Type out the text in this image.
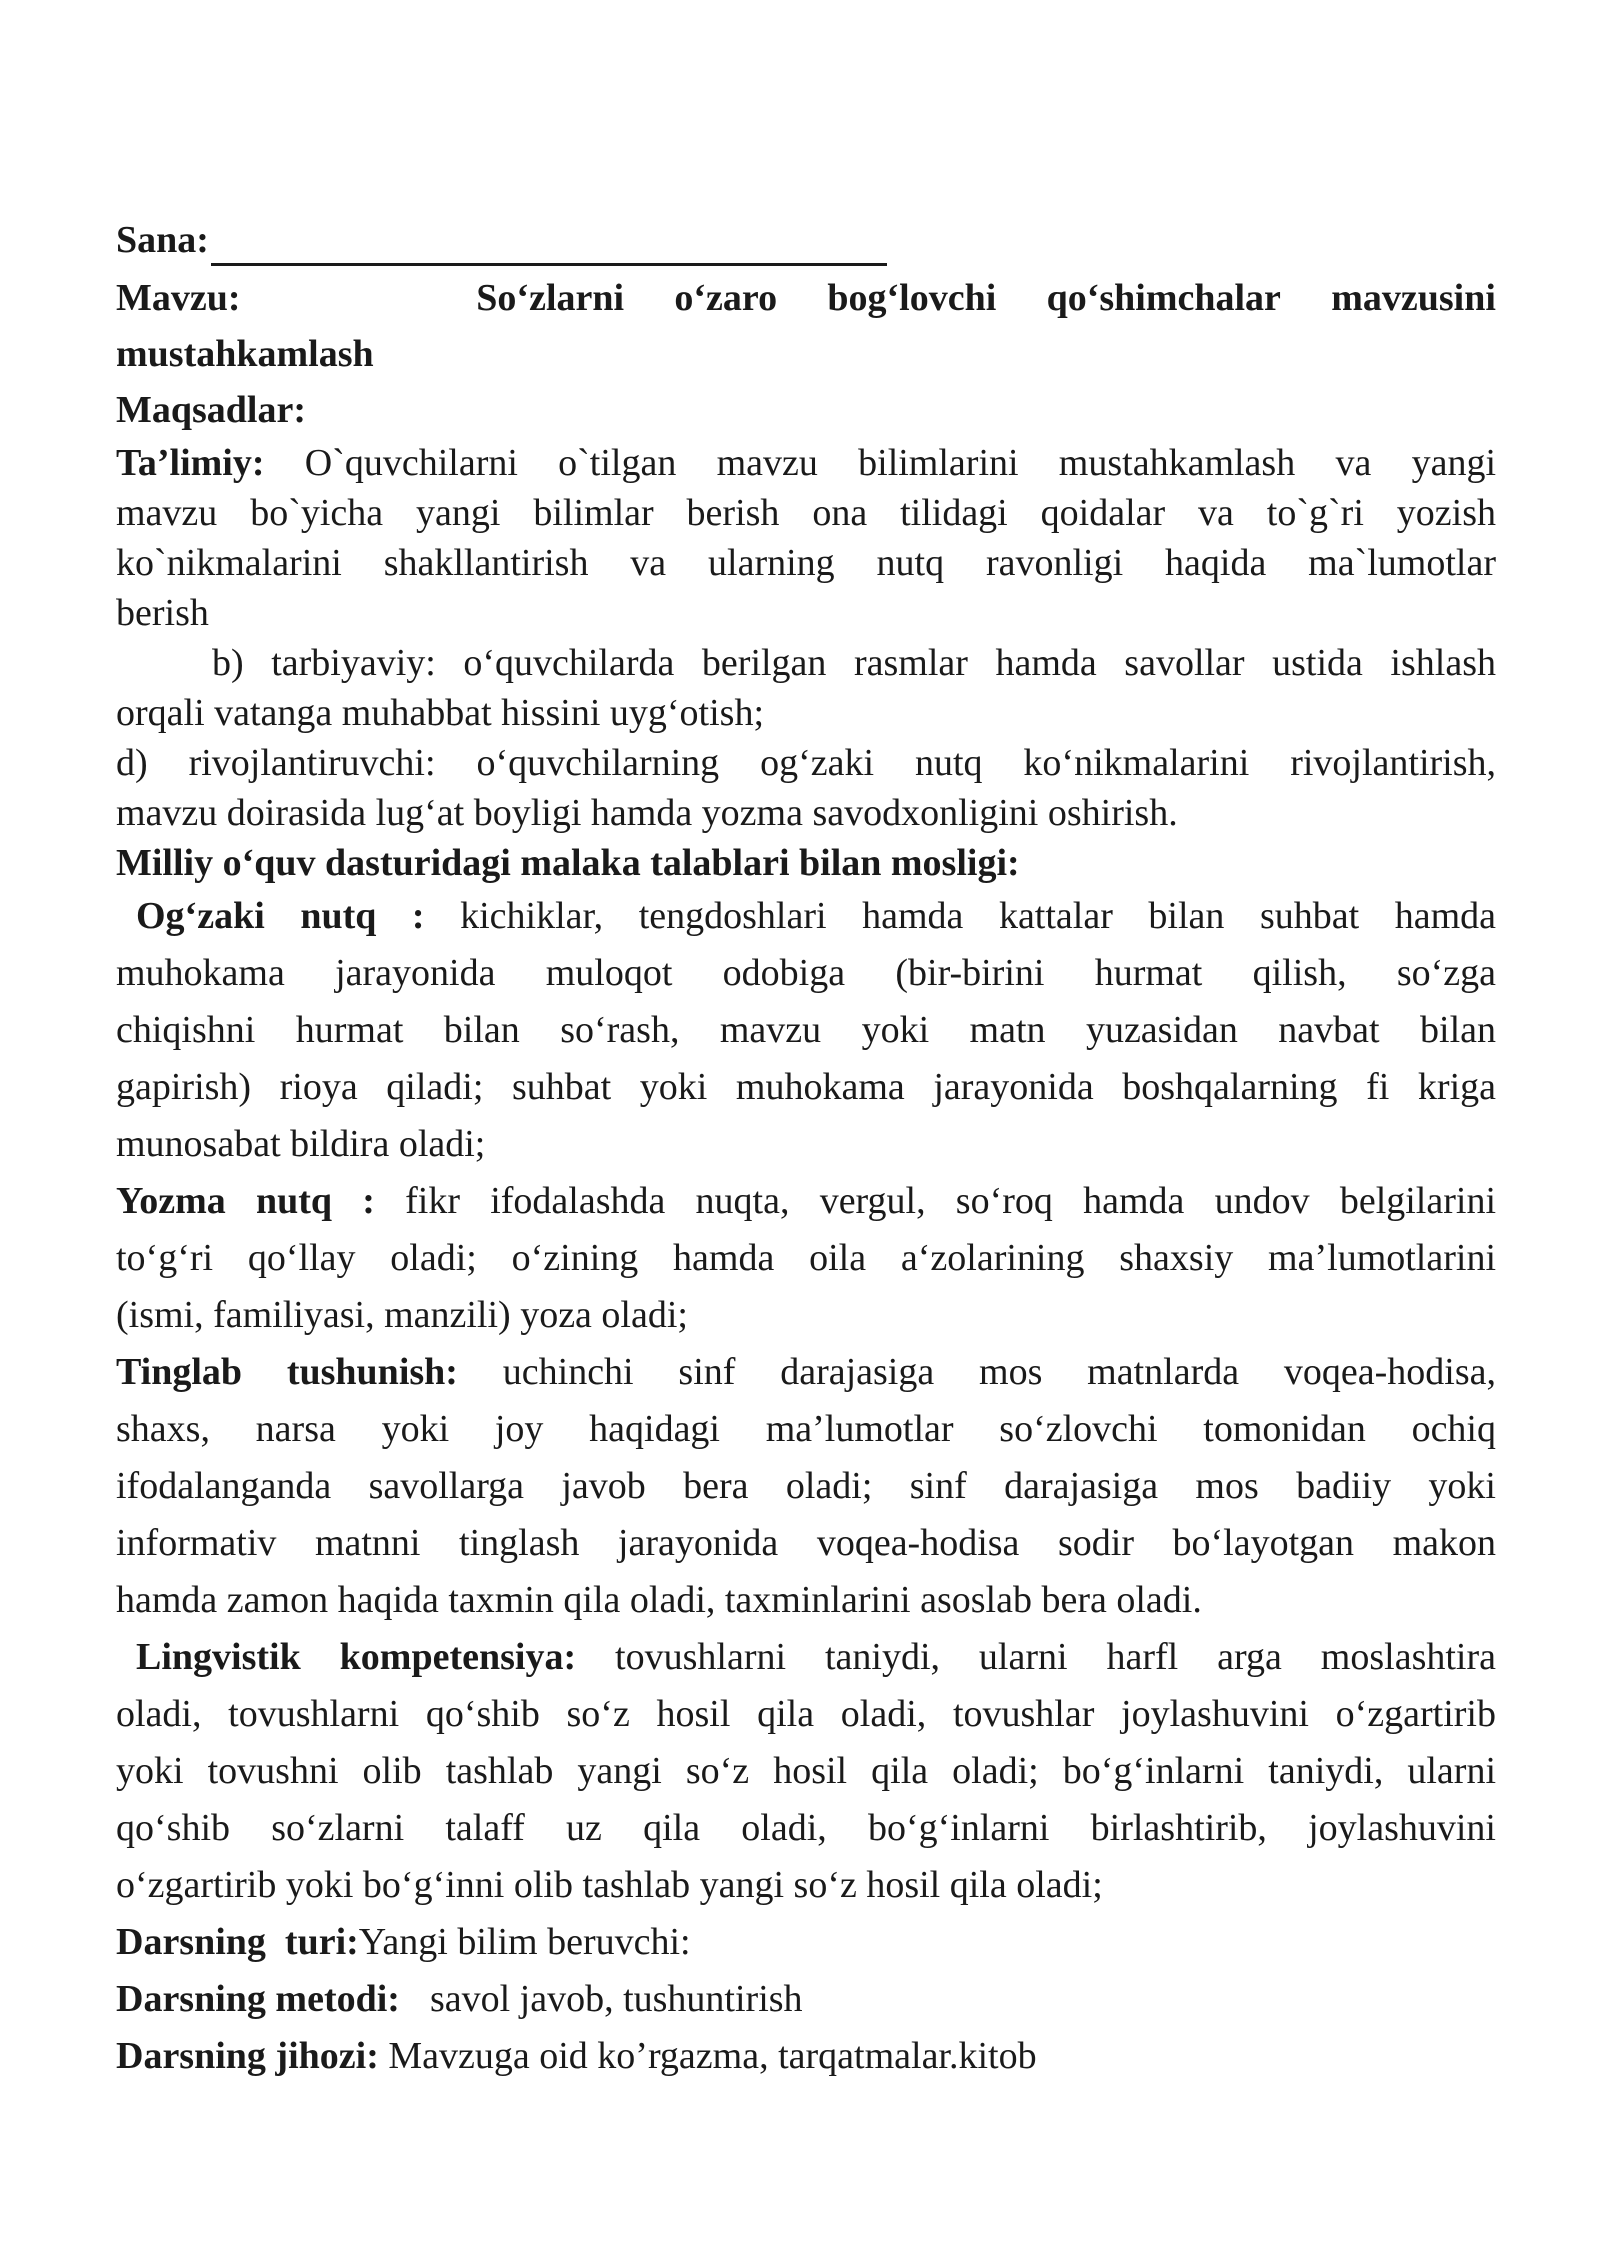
Sana:
Mavzu:	So‘zlarni o‘zaro bog‘lovchi qo‘shimchalar mavzusini
mustahkamlash
Maqsadlar:
Ta’limiy: O`quvchilarni o`tilgan mavzu bilimlarini mustahkamlash va yangi
mavzu bo`yicha yangi bilimlar berish ona tilidagi qoidalar va to`g`ri yozish
ko`nikmalarini shakllantirish va ularning nutq ravonligi haqida ma`lumotlar
berish
b) tarbiyaviy: o‘quvchilarda berilgan rasmlar hamda savollar ustida ishlash
orqali vatanga muhabbat hissini uyg‘otish;
d) rivojlantiruvchi: o‘quvchilarning og‘zaki nutq ko‘nikmalarini rivojlantirish,
mavzu doirasida lug‘at boyligi hamda yozma savodxonligini oshirish.
Milliy o‘quv dasturidagi malaka talablari bilan mosligi:
Og‘zaki nutq : kichiklar, tengdoshlari hamda kattalar bilan suhbat hamda
muhokama jarayonida muloqot odobiga (bir-birini hurmat qilish, so‘zga
chiqishni hurmat bilan so‘rash, mavzu yoki matn yuzasidan navbat bilan
gapirish) rioya qiladi; suhbat yoki muhokama jarayonida boshqalarning fi kriga
munosabat bildira oladi;
Yozma nutq : fikr ifodalashda nuqta, vergul, so‘roq hamda undov belgilarini
to‘g‘ri qo‘llay oladi; o‘zining hamda oila a‘zolarining shaxsiy ma’lumotlarini
(ismi, familiyasi, manzili) yoza oladi;
Tinglab tushunish: uchinchi sinf darajasiga mos matnlarda voqea-hodisa,
shaxs, narsa yoki joy haqidagi ma’lumotlar so‘zlovchi tomonidan ochiq
ifodalanganda savollarga javob bera oladi; sinf darajasiga mos badiiy yoki
informativ matnni tinglash jarayonida voqea-hodisa sodir bo‘layotgan makon
hamda zamon haqida taxmin qila oladi, taxminlarini asoslab bera oladi.
Lingvistik kompetensiya: tovushlarni taniydi, ularni harfl arga moslashtira
oladi, tovushlarni qo‘shib so‘z hosil qila oladi, tovushlar joylashuvini o‘zgartirib
yoki tovushni olib tashlab yangi so‘z hosil qila oladi; bo‘g‘inlarni taniydi, ularni
qo‘shib so‘zlarni talaff uz qila oladi, bo‘g‘inlarni birlashtirib, joylashuvini
o‘zgartirib yoki bo‘g‘inni olib tashlab yangi so‘z hosil qila oladi;
Darsning  turi:Yangi bilim beruvchi:
Darsning metodi: savol javob, tushuntirish
Darsning jihozi: Mavzuga oid ko’rgazma, tarqatmalar.kitob
